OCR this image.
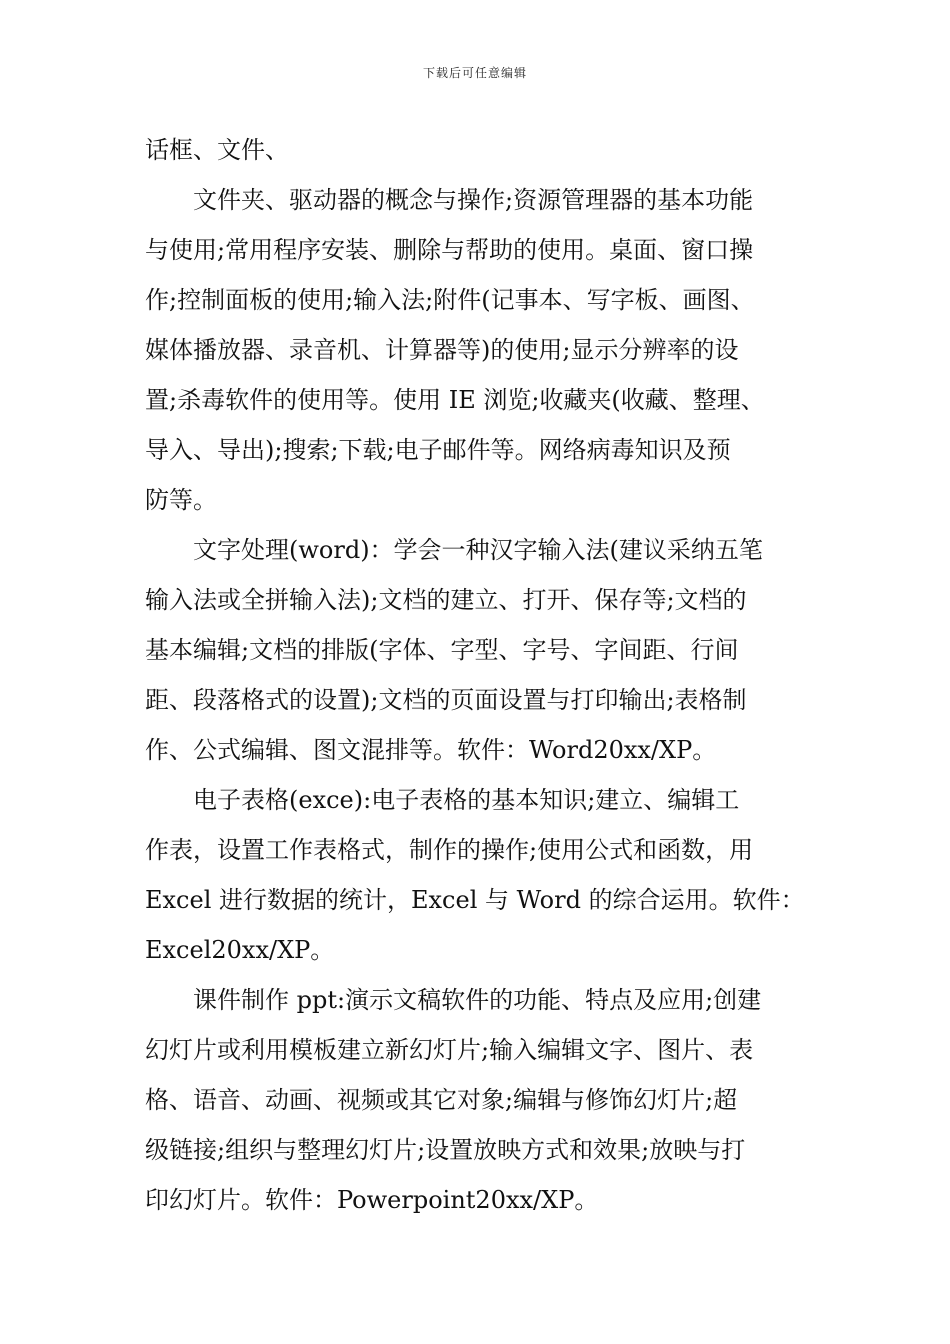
下载后可任意编辑
话框、文件、
　　文件夹、驱动器的概念与操作;资源管理器的基本功能
与使用;常用程序安装、删除与帮助的使用。桌面、窗口操
作;控制面板的使用;输入法;附件(记事本、写字板、画图、
媒体播放器、录音机、计算器等)的使用;显示分辨率的设
置;杀毒软件的使用等。使用 IE 浏览;收藏夹(收藏、整理、
导入、导出);搜索;下载;电子邮件等。网络病毒知识及预
防等。
　　文字处理(word)：学会一种汉字输入法(建议采纳五笔
输入法或全拼输入法);文档的建立、打开、保存等;文档的
基本编辑;文档的排版(字体、字型、字号、字间距、行间
距、段落格式的设置);文档的页面设置与打印输出;表格制
作、公式编辑、图文混排等。软件：Word20xx/XP。
　　电子表格(exce):电子表格的基本知识;建立、编辑工
作表，设置工作表格式，制作的操作;使用公式和函数，用
Excel 进行数据的统计，Excel 与 Word 的综合运用。软件：
Excel20xx/XP。
　　课件制作 ppt:演示文稿软件的功能、特点及应用;创建
幻灯片或利用模板建立新幻灯片;输入编辑文字、图片、表
格、语音、动画、视频或其它对象;编辑与修饰幻灯片;超
级链接;组织与整理幻灯片;设置放映方式和效果;放映与打
印幻灯片。软件：Powerpoint20xx/XP。
